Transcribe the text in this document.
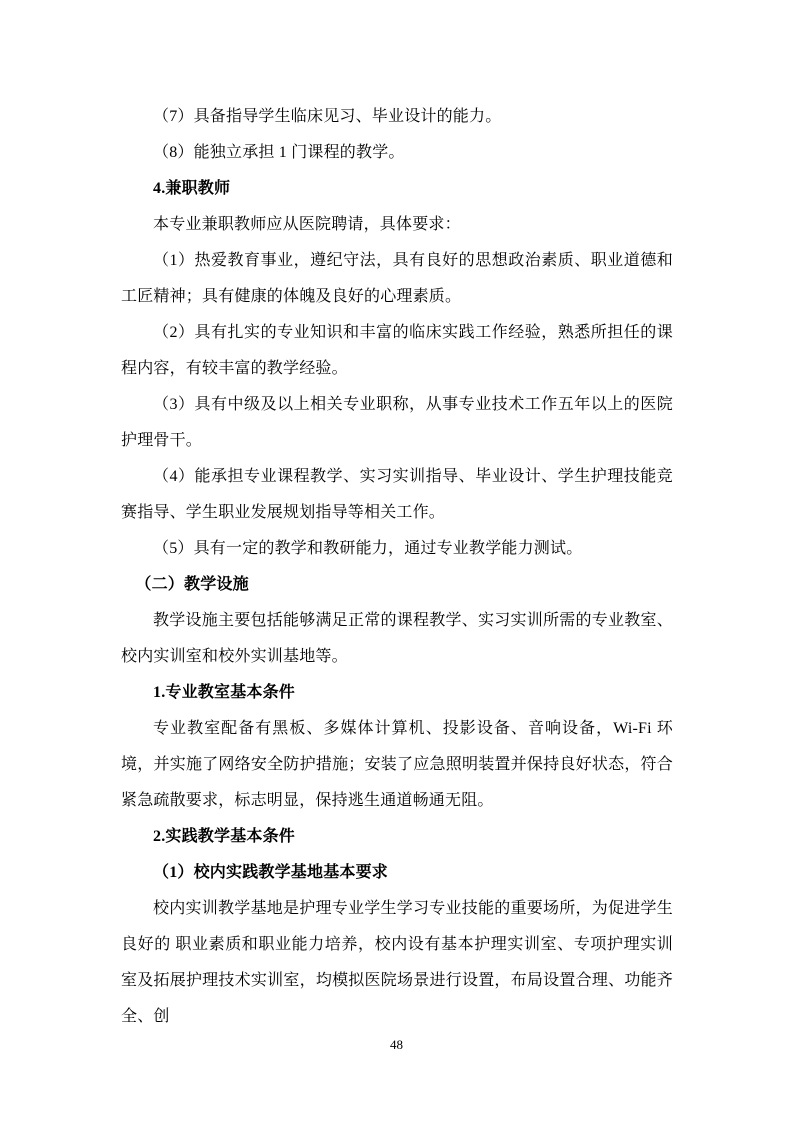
（7）具备指导学生临床见习、毕业设计的能力。

（8）能独立承担 1 门课程的教学。

4.兼职教师

本专业兼职教师应从医院聘请，具体要求：

（1）热爱教育事业，遵纪守法，具有良好的思想政治素质、职业道德和工匠精神；具有健康的体魄及良好的心理素质。

（2）具有扎实的专业知识和丰富的临床实践工作经验，熟悉所担任的课程内容，有较丰富的教学经验。

（3）具有中级及以上相关专业职称，从事专业技术工作五年以上的医院护理骨干。

（4）能承担专业课程教学、实习实训指导、毕业设计、学生护理技能竞赛指导、学生职业发展规划指导等相关工作。

（5）具有一定的教学和教研能力，通过专业教学能力测试。

（二）教学设施

教学设施主要包括能够满足正常的课程教学、实习实训所需的专业教室、校内实训室和校外实训基地等。

1.专业教室基本条件

专业教室配备有黑板、多媒体计算机、投影设备、音响设备，Wi-Fi 环境，并实施了网络安全防护措施；安装了应急照明装置并保持良好状态，符合紧急疏散要求，标志明显，保持逃生通道畅通无阻。

2.实践教学基本条件

（1）校内实践教学基地基本要求

校内实训教学基地是护理专业学生学习专业技能的重要场所，为促进学生良好的 职业素质和职业能力培养，校内设有基本护理实训室、专项护理实训室及拓展护理技术实训室，均模拟医院场景进行设置，布局设置合理、功能齐全、创

48
